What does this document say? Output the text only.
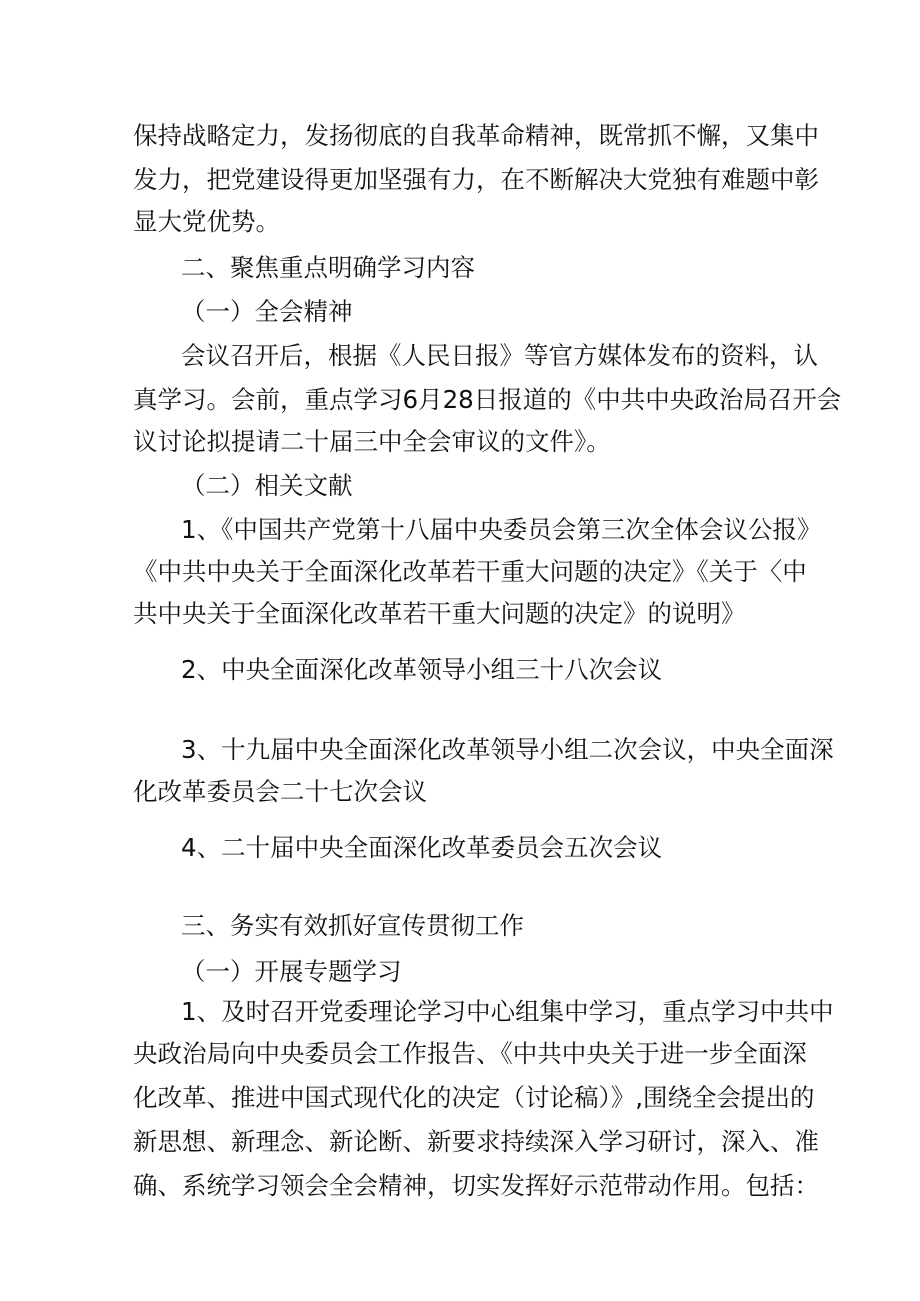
保持战略定力，发扬彻底的自我革命精神，既常抓不懈，又集中

发力，把党建设得更加坚强有力，在不断解决大党独有难题中彰

显大党优势。

二、聚焦重点明确学习内容

（一）全会精神

会议召开后，根据《人民日报》等官方媒体发布的资料，认

真学习。会前，重点学习6月28日报道的《中共中央政治局召开会

议讨论拟提请二十届三中全会审议的文件》。

（二）相关文献

1、《中国共产党第十八届中央委员会第三次全体会议公报》

《中共中央关于全面深化改革若干重大问题的决定》《关于〈中

共中央关于全面深化改革若干重大问题的决定》的说明》

2、中央全面深化改革领导小组三十八次会议

3、十九届中央全面深化改革领导小组二次会议，中央全面深

化改革委员会二十七次会议

4、二十届中央全面深化改革委员会五次会议

三、务实有效抓好宣传贯彻工作

（一）开展专题学习

1、及时召开党委理论学习中心组集中学习，重点学习中共中

央政治局向中央委员会工作报告、《中共中央关于进一步全面深

化改革、推进中国式现代化的决定（讨论稿）》,围绕全会提出的

新思想、新理念、新论断、新要求持续深入学习研讨，深入、准

确、系统学习领会全会精神，切实发挥好示范带动作用。包括：
